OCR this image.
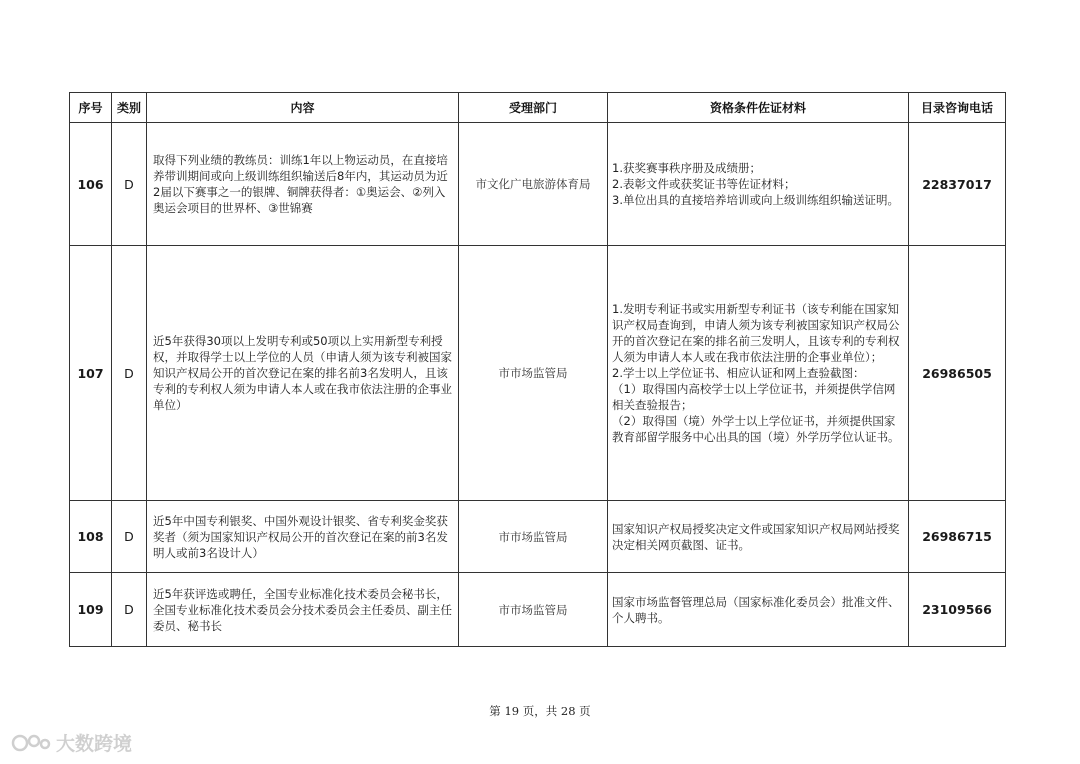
序号	类别	内容	受理部门	资格条件佐证材料	目录咨询电话
106	D	取得下列业绩的教练员：训练1年以上物运动员，在直接培养带训期间或向上级训练组织输送后8年内，其运动员为近2届以下赛事之一的银牌、铜牌获得者：①奥运会、②列入奥运会项目的世界杯、③世锦赛	市文化广电旅游体育局	1.获奖赛事秩序册及成绩册；
2.表彰文件或获奖证书等佐证材料；
3.单位出具的直接培养培训或向上级训练组织输送证明。	22837017
107	D	近5年获得30项以上发明专利或50项以上实用新型专利授权，并取得学士以上学位的人员（申请人须为该专利被国家知识产权局公开的首次登记在案的排名前3名发明人，且该专利的专利权人须为申请人本人或在我市依法注册的企事业单位）	市市场监管局	1.发明专利证书或实用新型专利证书（该专利能在国家知识产权局查询到，申请人须为该专利被国家知识产权局公开的首次登记在案的排名前三发明人，且该专利的专利权人须为申请人本人或在我市依法注册的企事业单位）；
2.学士以上学位证书、相应认证和网上查验截图：
（1）取得国内高校学士以上学位证书，并须提供学信网相关查验报告；
（2）取得国（境）外学士以上学位证书，并须提供国家教育部留学服务中心出具的国（境）外学历学位认证书。	26986505
108	D	近5年中国专利银奖、中国外观设计银奖、省专利奖金奖获奖者（须为国家知识产权局公开的首次登记在案的前3名发明人或前3名设计人）	市市场监管局	国家知识产权局授奖决定文件或国家知识产权局网站授奖决定相关网页截图、证书。	26986715
109	D	近5年获评选或聘任，全国专业标准化技术委员会秘书长，全国专业标准化技术委员会分技术委员会主任委员、副主任委员、秘书长	市市场监管局	国家市场监督管理总局（国家标准化委员会）批准文件、个人聘书。	23109566
第 19 页，共 28 页
大数跨境
